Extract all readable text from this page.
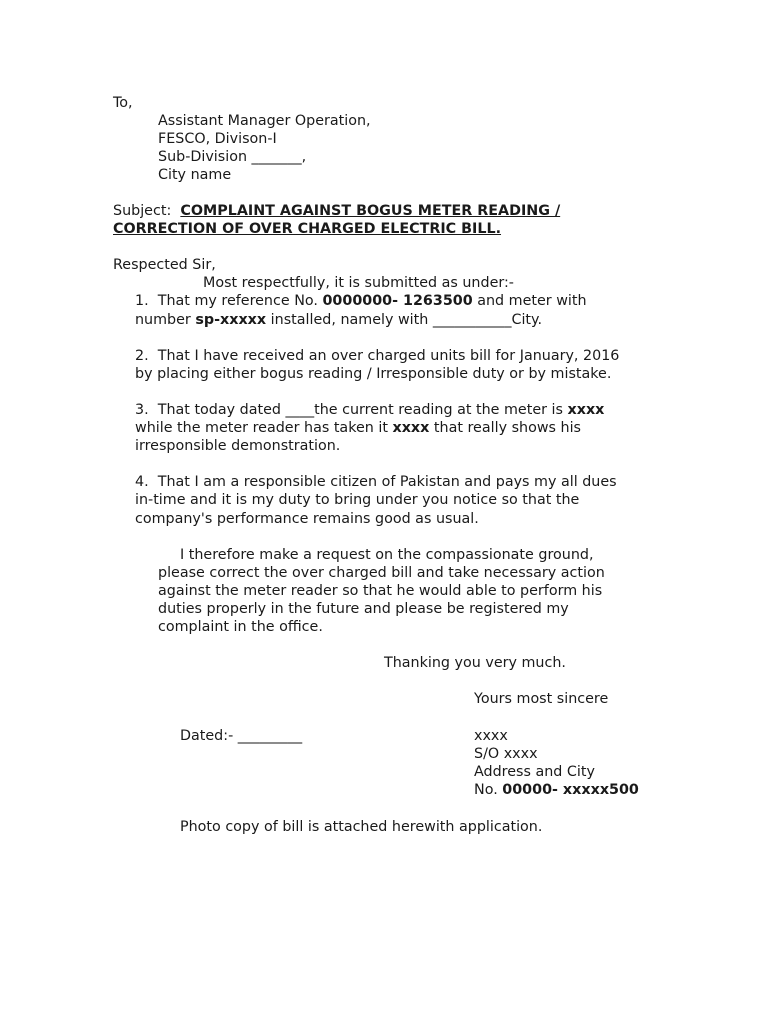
To,
Assistant Manager Operation,
FESCO, Divison-I
Sub-Division _______,
City name
Subject: COMPLAINT AGAINST BOGUS METER READING /
CORRECTION OF OVER CHARGED ELECTRIC BILL.
Respected Sir,
Most respectfully, it is submitted as under:-
1. That my reference No. 0000000- 1263500 and meter with
number sp-xxxxx installed, namely with ___________City.
2. That I have received an over charged units bill for January, 2016
by placing either bogus reading / Irresponsible duty or by mistake.
3. That today dated ____the current reading at the meter is xxxx
while the meter reader has taken it xxxx that really shows his
irresponsible demonstration.
4. That I am a responsible citizen of Pakistan and pays my all dues
in-time and it is my duty to bring under you notice so that the
company's performance remains good as usual.
I therefore make a request on the compassionate ground,
please correct the over charged bill and take necessary action
against the meter reader so that he would able to perform his
duties properly in the future and please be registered my
complaint in the office.
Thanking you very much.
Yours most sincere
Dated:- _________	xxxx
S/O xxxx
Address and City
No. 00000- xxxxx500
Photo copy of bill is attached herewith application.
